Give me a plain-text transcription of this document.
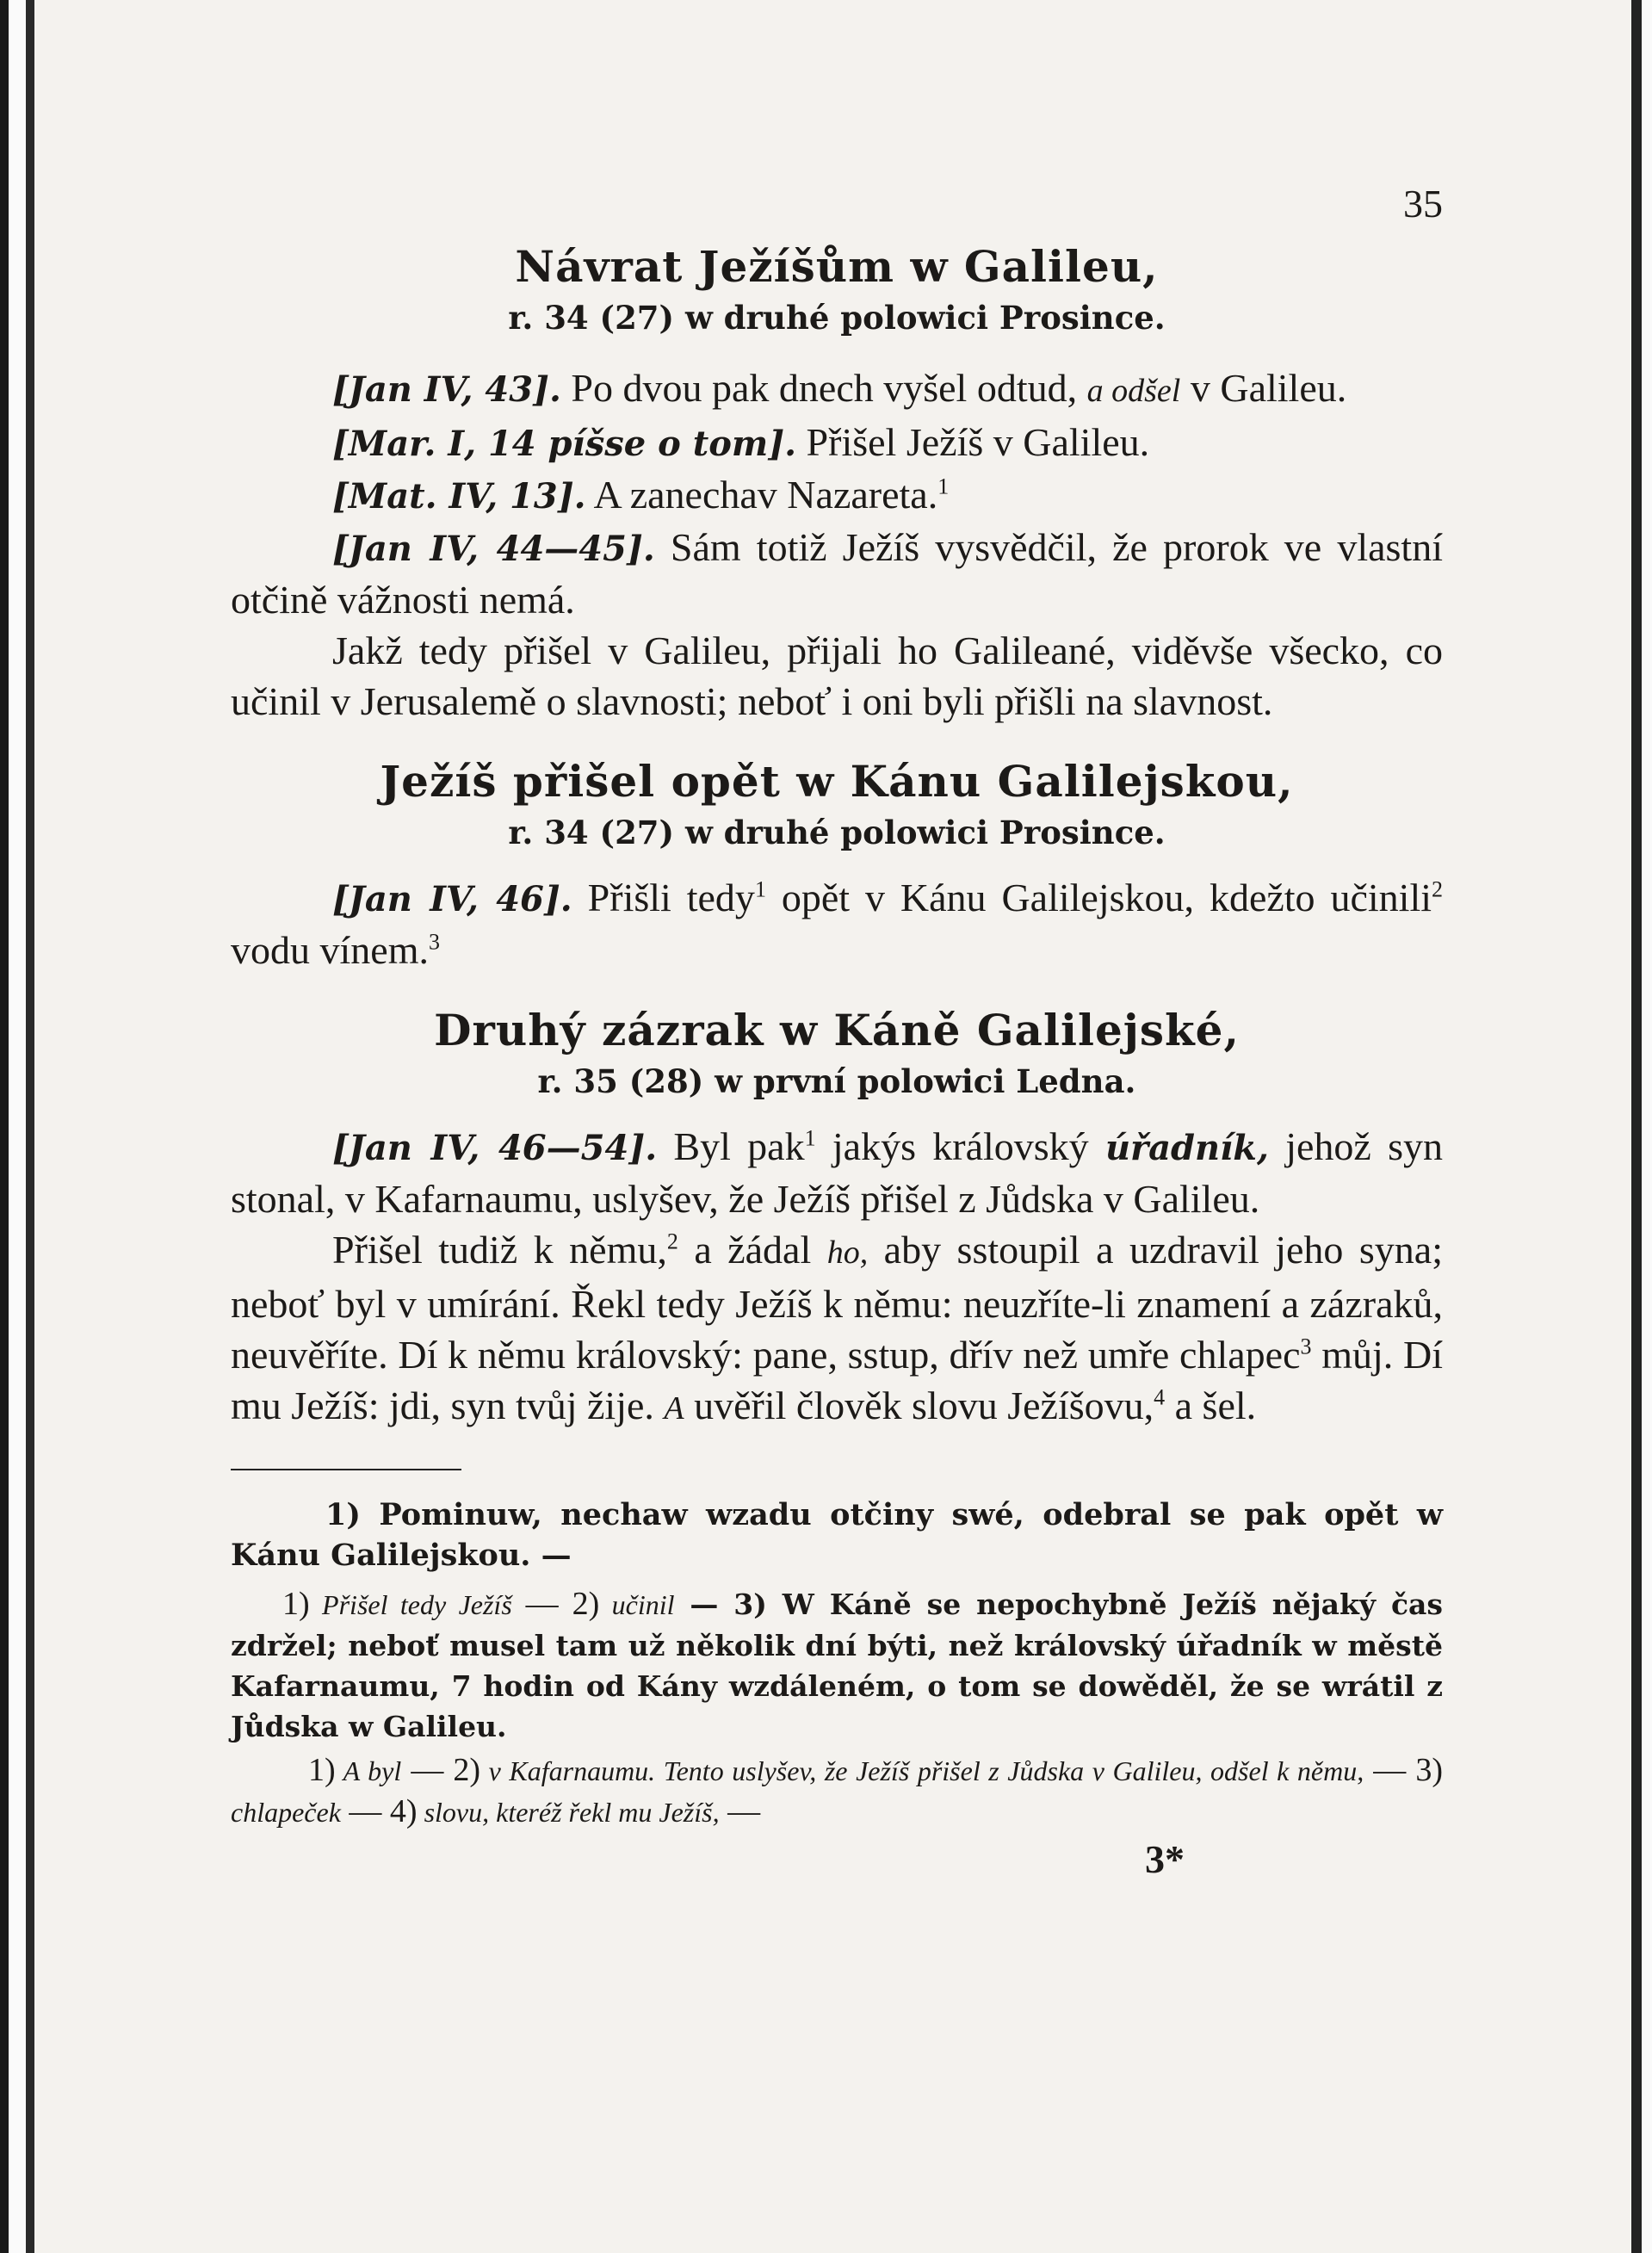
35
Návrat Ježíšům w Galileu,

r. 34 (27) w druhé polowici Prosince.

[Jan IV, 43]. Po dvou pak dnech vyšel odtud, a odšel v Galileu.

[Mar. I, 14 píšse o tom]. Přišel Ježíš v Galileu.

[Mat. IV, 13]. A zanechav Nazareta.$^1$

[Jan IV, 44—45]. Sám totiž Ježíš vysvědčil, že prorok ve vlastní otčině vážnosti nemá.

Jakž tedy přišel v Galileu, přijali ho Galileané, viděvše všecko, co učinil v Jerusalemě o slavnosti; neboť i oni byli přišli na slavnost.

Ježíš přišel opět w Kánu Galilejskou,

r. 34 (27) w druhé polowici Prosince.

[Jan IV, 46]. Přišli tedy$^1$ opět v Kánu Galilejskou, kdežto učinili$^2$ vodu vínem.$^3$

Druhý zázrak w Káně Galilejské,

r. 35 (28) w první polowici Ledna.

[Jan IV, 46—54]. Byl pak$^1$ jakýs královský úřadník, jehož syn stonal, v Kafarnaumu, uslyšev, že Ježíš přišel z Jůdska v Galileu.

Přišel tudiž k němu,$^2$ a žádal ho, aby sstoupil a uzdravil jeho syna; neboť byl v umírání. Řekl tedy Ježíš k němu: neuzříte-li znamení a zázraků, neuvěříte. Dí k němu královský: pane, sstup, dřív než umře chlapec$^3$ můj. Dí mu Ježíš: jdi, syn tvůj žije. A uvěřil člověk slovu Ježíšovu,$^4$ a šel.

1) Pominuw, nechaw wzadu otčiny swé, odebral se pak opět w Kánu Galilejskou. —

1) Přišel tedy Ježíš — 2) učinil — 3) W Káně se nepochybně Ježíš nějaký čas zdržel; neboť musel tam už několik dní býti, než královský úřadník w městě Kafarnaumu, 7 hodin od Kány wzdáleném, o tom se dowěděl, že se wrátil z Jůdska w Galileu.

1) A byl — 2) v Kafarnaumu. Tento uslyšev, že Ježíš přišel z Jůdska v Galileu, odšel k němu, — 3) chlapeček — 4) slovu, kteréž řekl mu Ježíš, —

3*
